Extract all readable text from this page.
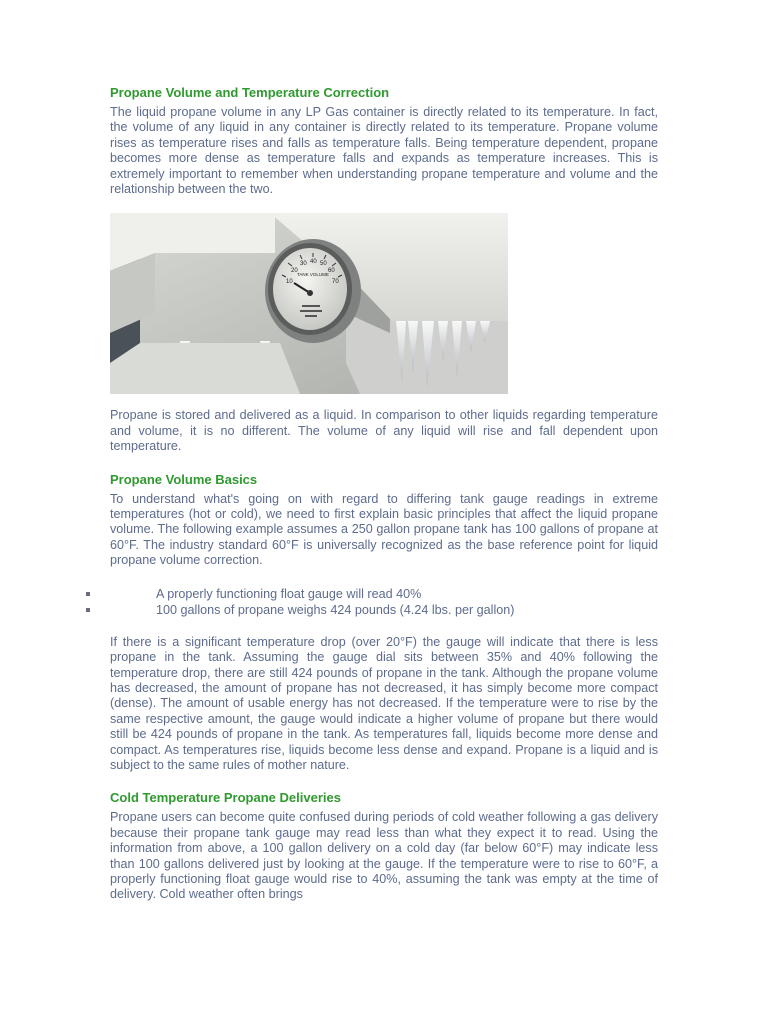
Propane Volume and Temperature Correction

The liquid propane volume in any LP Gas container is directly related to its temperature. In fact, the volume of any liquid in any container is directly related to its temperature. Propane volume rises as temperature rises and falls as temperature falls. Being temperature dependent, propane becomes more dense as temperature falls and expands as temperature increases. This is extremely important to remember when understanding propane temperature and volume and the relationship between the two.

10
20
30 40 50
60
70
TANK VOLUME

Propane is stored and delivered as a liquid. In comparison to other liquids regarding temperature and volume, it is no different. The volume of any liquid will rise and fall dependent upon temperature.

Propane Volume Basics

To understand what's going on with regard to differing tank gauge readings in extreme temperatures (hot or cold), we need to first explain basic principles that affect the liquid propane volume. The following example assumes a 250 gallon propane tank has 100 gallons of propane at 60°F. The industry standard 60°F is universally recognized as the base reference point for liquid propane volume correction.

A properly functioning float gauge will read 40%
100 gallons of propane weighs 424 pounds (4.24 lbs. per gallon)

If there is a significant temperature drop (over 20°F) the gauge will indicate that there is less propane in the tank. Assuming the gauge dial sits between 35% and 40% following the temperature drop, there are still 424 pounds of propane in the tank. Although the propane volume has decreased, the amount of propane has not decreased, it has simply become more compact (dense). The amount of usable energy has not decreased. If the temperature were to rise by the same respective amount, the gauge would indicate a higher volume of propane but there would still be 424 pounds of propane in the tank. As temperatures fall, liquids become more dense and compact. As temperatures rise, liquids become less dense and expand. Propane is a liquid and is subject to the same rules of mother nature.

Cold Temperature Propane Deliveries

Propane users can become quite confused during periods of cold weather following a gas delivery because their propane tank gauge may read less than what they expect it to read. Using the information from above, a 100 gallon delivery on a cold day (far below 60°F) may indicate less than 100 gallons delivered just by looking at the gauge. If the temperature were to rise to 60°F, a properly functioning float gauge would rise to 40%, assuming the tank was empty at the time of delivery. Cold weather often brings
